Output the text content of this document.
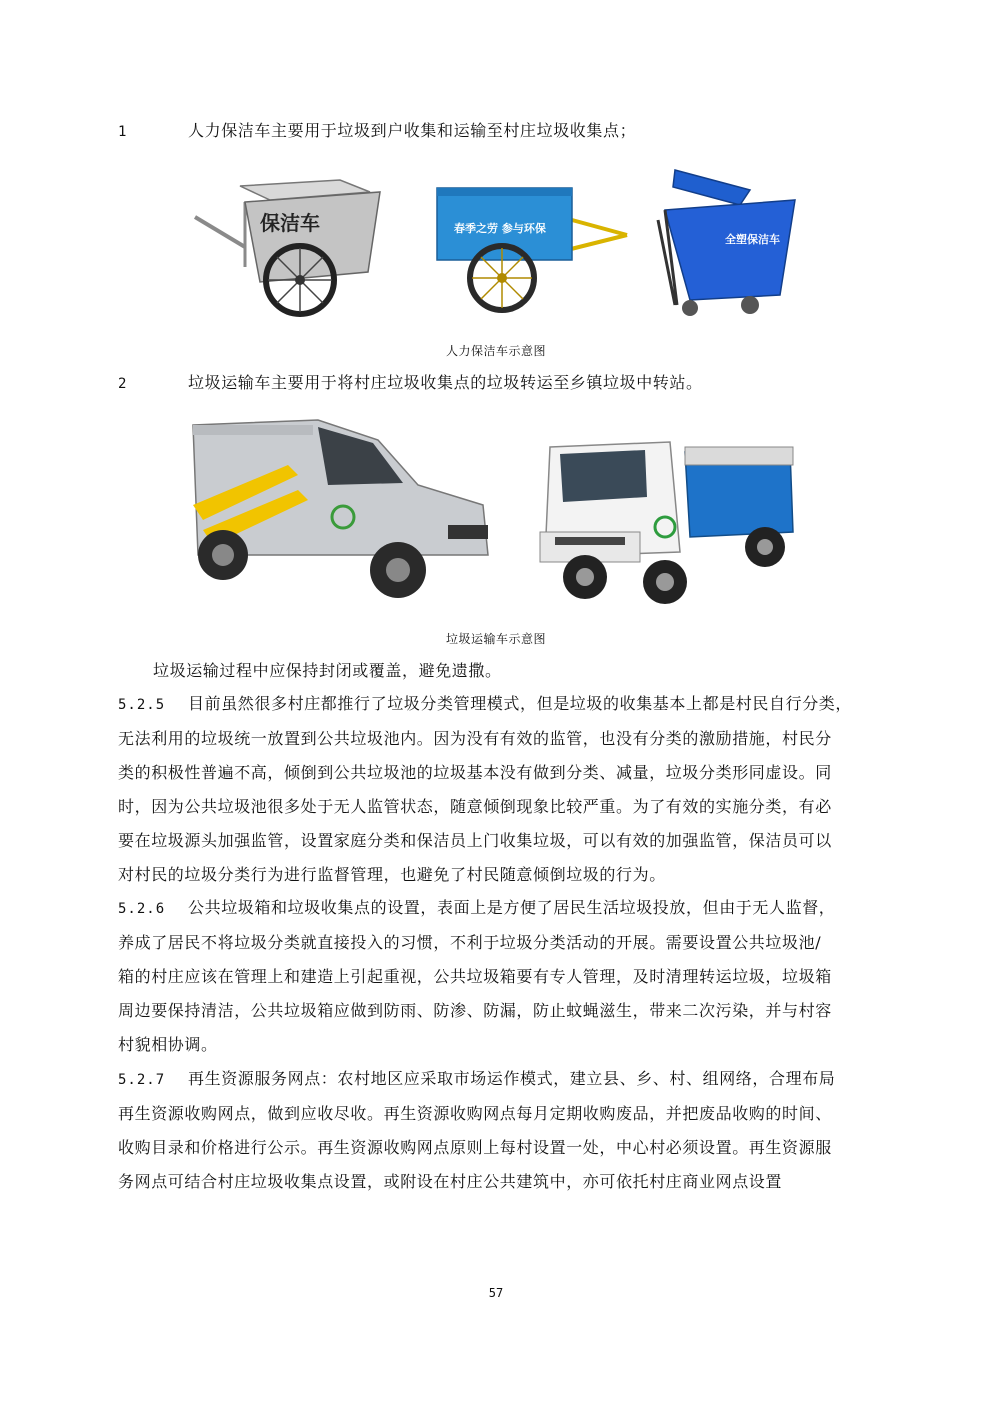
1	人力保洁车主要用于垃圾到户收集和运输至村庄垃圾收集点；
保洁车	春季之劳 参与环保
全塑保洁车
人力保洁车示意图
2	垃圾运输车主要用于将村庄垃圾收集点的垃圾转运至乡镇垃圾中转站。
垃圾运输车示意图
垃圾运输过程中应保持封闭或覆盖，避免遗撒。
5.2.5 目前虽然很多村庄都推行了垃圾分类管理模式，但是垃圾的收集基本上都是村民自行分类，
无法利用的垃圾统一放置到公共垃圾池内。因为没有有效的监管，也没有分类的激励措施，村民分
类的积极性普遍不高，倾倒到公共垃圾池的垃圾基本没有做到分类、减量，垃圾分类形同虚设。同
时，因为公共垃圾池很多处于无人监管状态，随意倾倒现象比较严重。为了有效的实施分类，有必
要在垃圾源头加强监管，设置家庭分类和保洁员上门收集垃圾，可以有效的加强监管，保洁员可以
对村民的垃圾分类行为进行监督管理，也避免了村民随意倾倒垃圾的行为。
5.2.6 公共垃圾箱和垃圾收集点的设置，表面上是方便了居民生活垃圾投放，但由于无人监督，
养成了居民不将垃圾分类就直接投入的习惯，不利于垃圾分类活动的开展。需要设置公共垃圾池/
箱的村庄应该在管理上和建造上引起重视，公共垃圾箱要有专人管理，及时清理转运垃圾，垃圾箱
周边要保持清洁，公共垃圾箱应做到防雨、防渗、防漏，防止蚊蝇滋生，带来二次污染，并与村容
村貌相协调。
5.2.7 再生资源服务网点：农村地区应采取市场运作模式，建立县、乡、村、组网络，合理布局
再生资源收购网点，做到应收尽收。再生资源收购网点每月定期收购废品，并把废品收购的时间、
收购目录和价格进行公示。再生资源收购网点原则上每村设置一处，中心村必须设置。再生资源服
务网点可结合村庄垃圾收集点设置，或附设在村庄公共建筑中，亦可依托村庄商业网点设置
57
